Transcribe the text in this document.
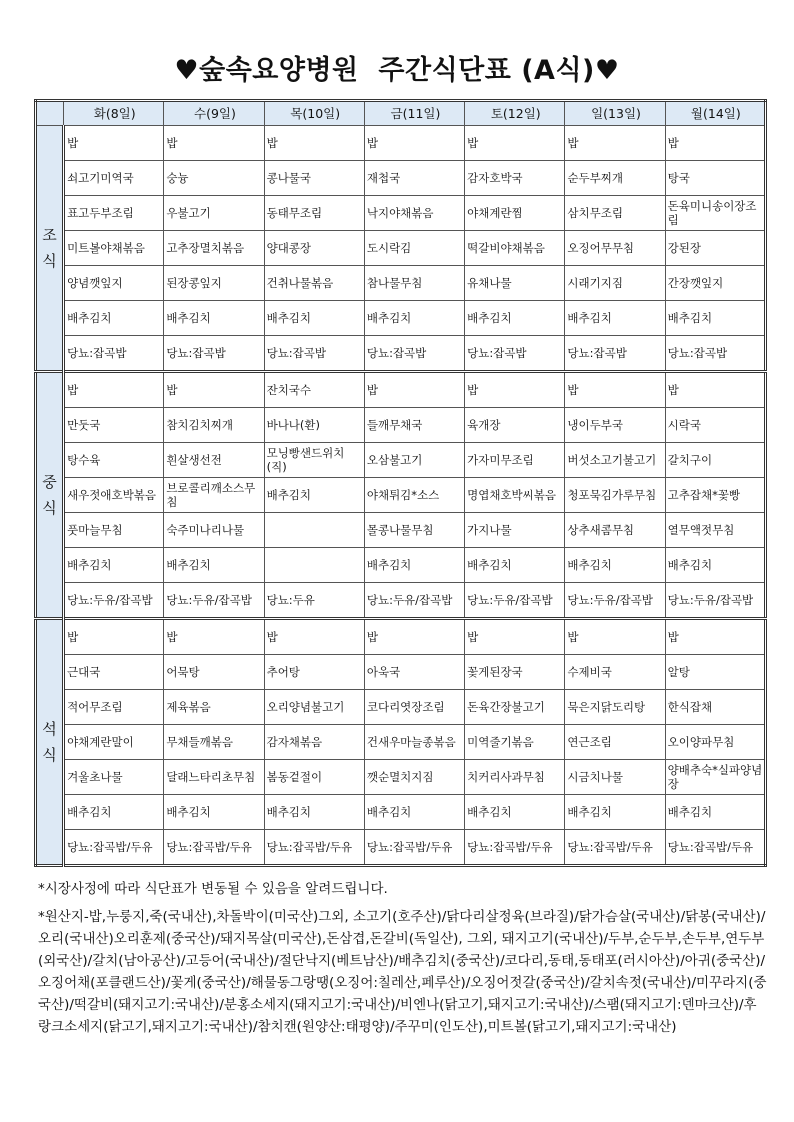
♥숲속요양병원  주간식단표 (A식)♥
	화(8일)	수(9일)	목(10일)	금(11일)	토(12일)	일(13일)	월(14일)
조
식	밥	밥	밥	밥	밥	밥	밥
	쇠고기미역국	숭늉	콩나물국	재첩국	감자호박국	순두부찌개	탕국
	표고두부조림	우불고기	동태무조림	낙지야채볶음	야채계란찜	삼치무조림	돈육미니송이장조림
	미트볼야채볶음	고추장멸치볶음	양대콩장	도시락김	떡갈비야채볶음	오징어무무침	강된장
	양념깻잎지	된장콩잎지	건취나물볶음	참나물무침	유채나물	시래기지짐	간장깻잎지
	배추김치	배추김치	배추김치	배추김치	배추김치	배추김치	배추김치
	당뇨:잡곡밥	당뇨:잡곡밥	당뇨:잡곡밥	당뇨:잡곡밥	당뇨:잡곡밥	당뇨:잡곡밥	당뇨:잡곡밥
중
식	밥	밥	잔치국수	밥	밥	밥	밥
	만둣국	참치김치찌개	바나나(환)	들깨무채국	육개장	냉이두부국	시락국
	탕수육	흰살생선전	모닝빵샌드위치(직)	오삼불고기	가자미무조림	버섯소고기불고기	갈치구이
	새우젓애호박볶음	브로콜리깨소스무침	배추김치	야채튀김*소스	명엽채호박씨볶음	청포묵김가루무침	고추잡채*꽃빵
	풋마늘무침	숙주미나리나물		몰콩나물무침	가지나물	상추새콤무침	열무액젓무침
	배추김치	배추김치		배추김치	배추김치	배추김치	배추김치
	당뇨:두유/잡곡밥	당뇨:두유/잡곡밥	당뇨:두유	당뇨:두유/잡곡밥	당뇨:두유/잡곡밥	당뇨:두유/잡곡밥	당뇨:두유/잡곡밥
석
식	밥	밥	밥	밥	밥	밥	밥
	근대국	어묵탕	추어탕	아욱국	꽃게된장국	수제비국	알탕
	적어무조림	제육볶음	오리양념불고기	코다리엿장조림	돈육간장불고기	묵은지닭도리탕	한식잡채
	야채계란말이	무채들깨볶음	감자채볶음	건새우마늘종볶음	미역줄기볶음	연근조림	오이양파무침
	겨울초나물	달래느타리초무침	봄동겉절이	깻순멸치지짐	치커리사과무침	시금치나물	양배추숙*실파양념장
	배추김치	배추김치	배추김치	배추김치	배추김치	배추김치	배추김치
	당뇨:잡곡밥/두유	당뇨:잡곡밥/두유	당뇨:잡곡밥/두유	당뇨:잡곡밥/두유	당뇨:잡곡밥/두유	당뇨:잡곡밥/두유	당뇨:잡곡밥/두유

*시장사정에 따라 식단표가 변동될 수 있음을 알려드립니다.

*원산지-밥,누룽지,죽(국내산),차돌박이(미국산)그외, 소고기(호주산)/닭다리살정육(브라질)/닭가슴살(국내산)/닭봉(국내산)/오리(국내산)오리훈제(중국산)/돼지목살(미국산),돈삼겹,돈갈비(독일산), 그외, 돼지고기(국내산)/두부,순두부,손두부,연두부(외국산)/갈치(남아공산)/고등어(국내산)/절단낙지(베트남산)/배추김치(중국산)/코다리,동태,동태포(러시아산)/아귀(중국산)/오징어채(포클랜드산)/꽃게(중국산)/해물동그랑땡(오징어:칠레산,페루산)/오징어젓갈(중국산)/갈치속젓(국내산)/미꾸라지(중국산)/떡갈비(돼지고기:국내산)/분홍소세지(돼지고기:국내산)/비엔나(닭고기,돼지고기:국내산)/스팸(돼지고기:덴마크산)/후랑크소세지(닭고기,돼지고기:국내산)/참치캔(원양산:태평양)/주꾸미(인도산),미트볼(닭고기,돼지고기:국내산)
